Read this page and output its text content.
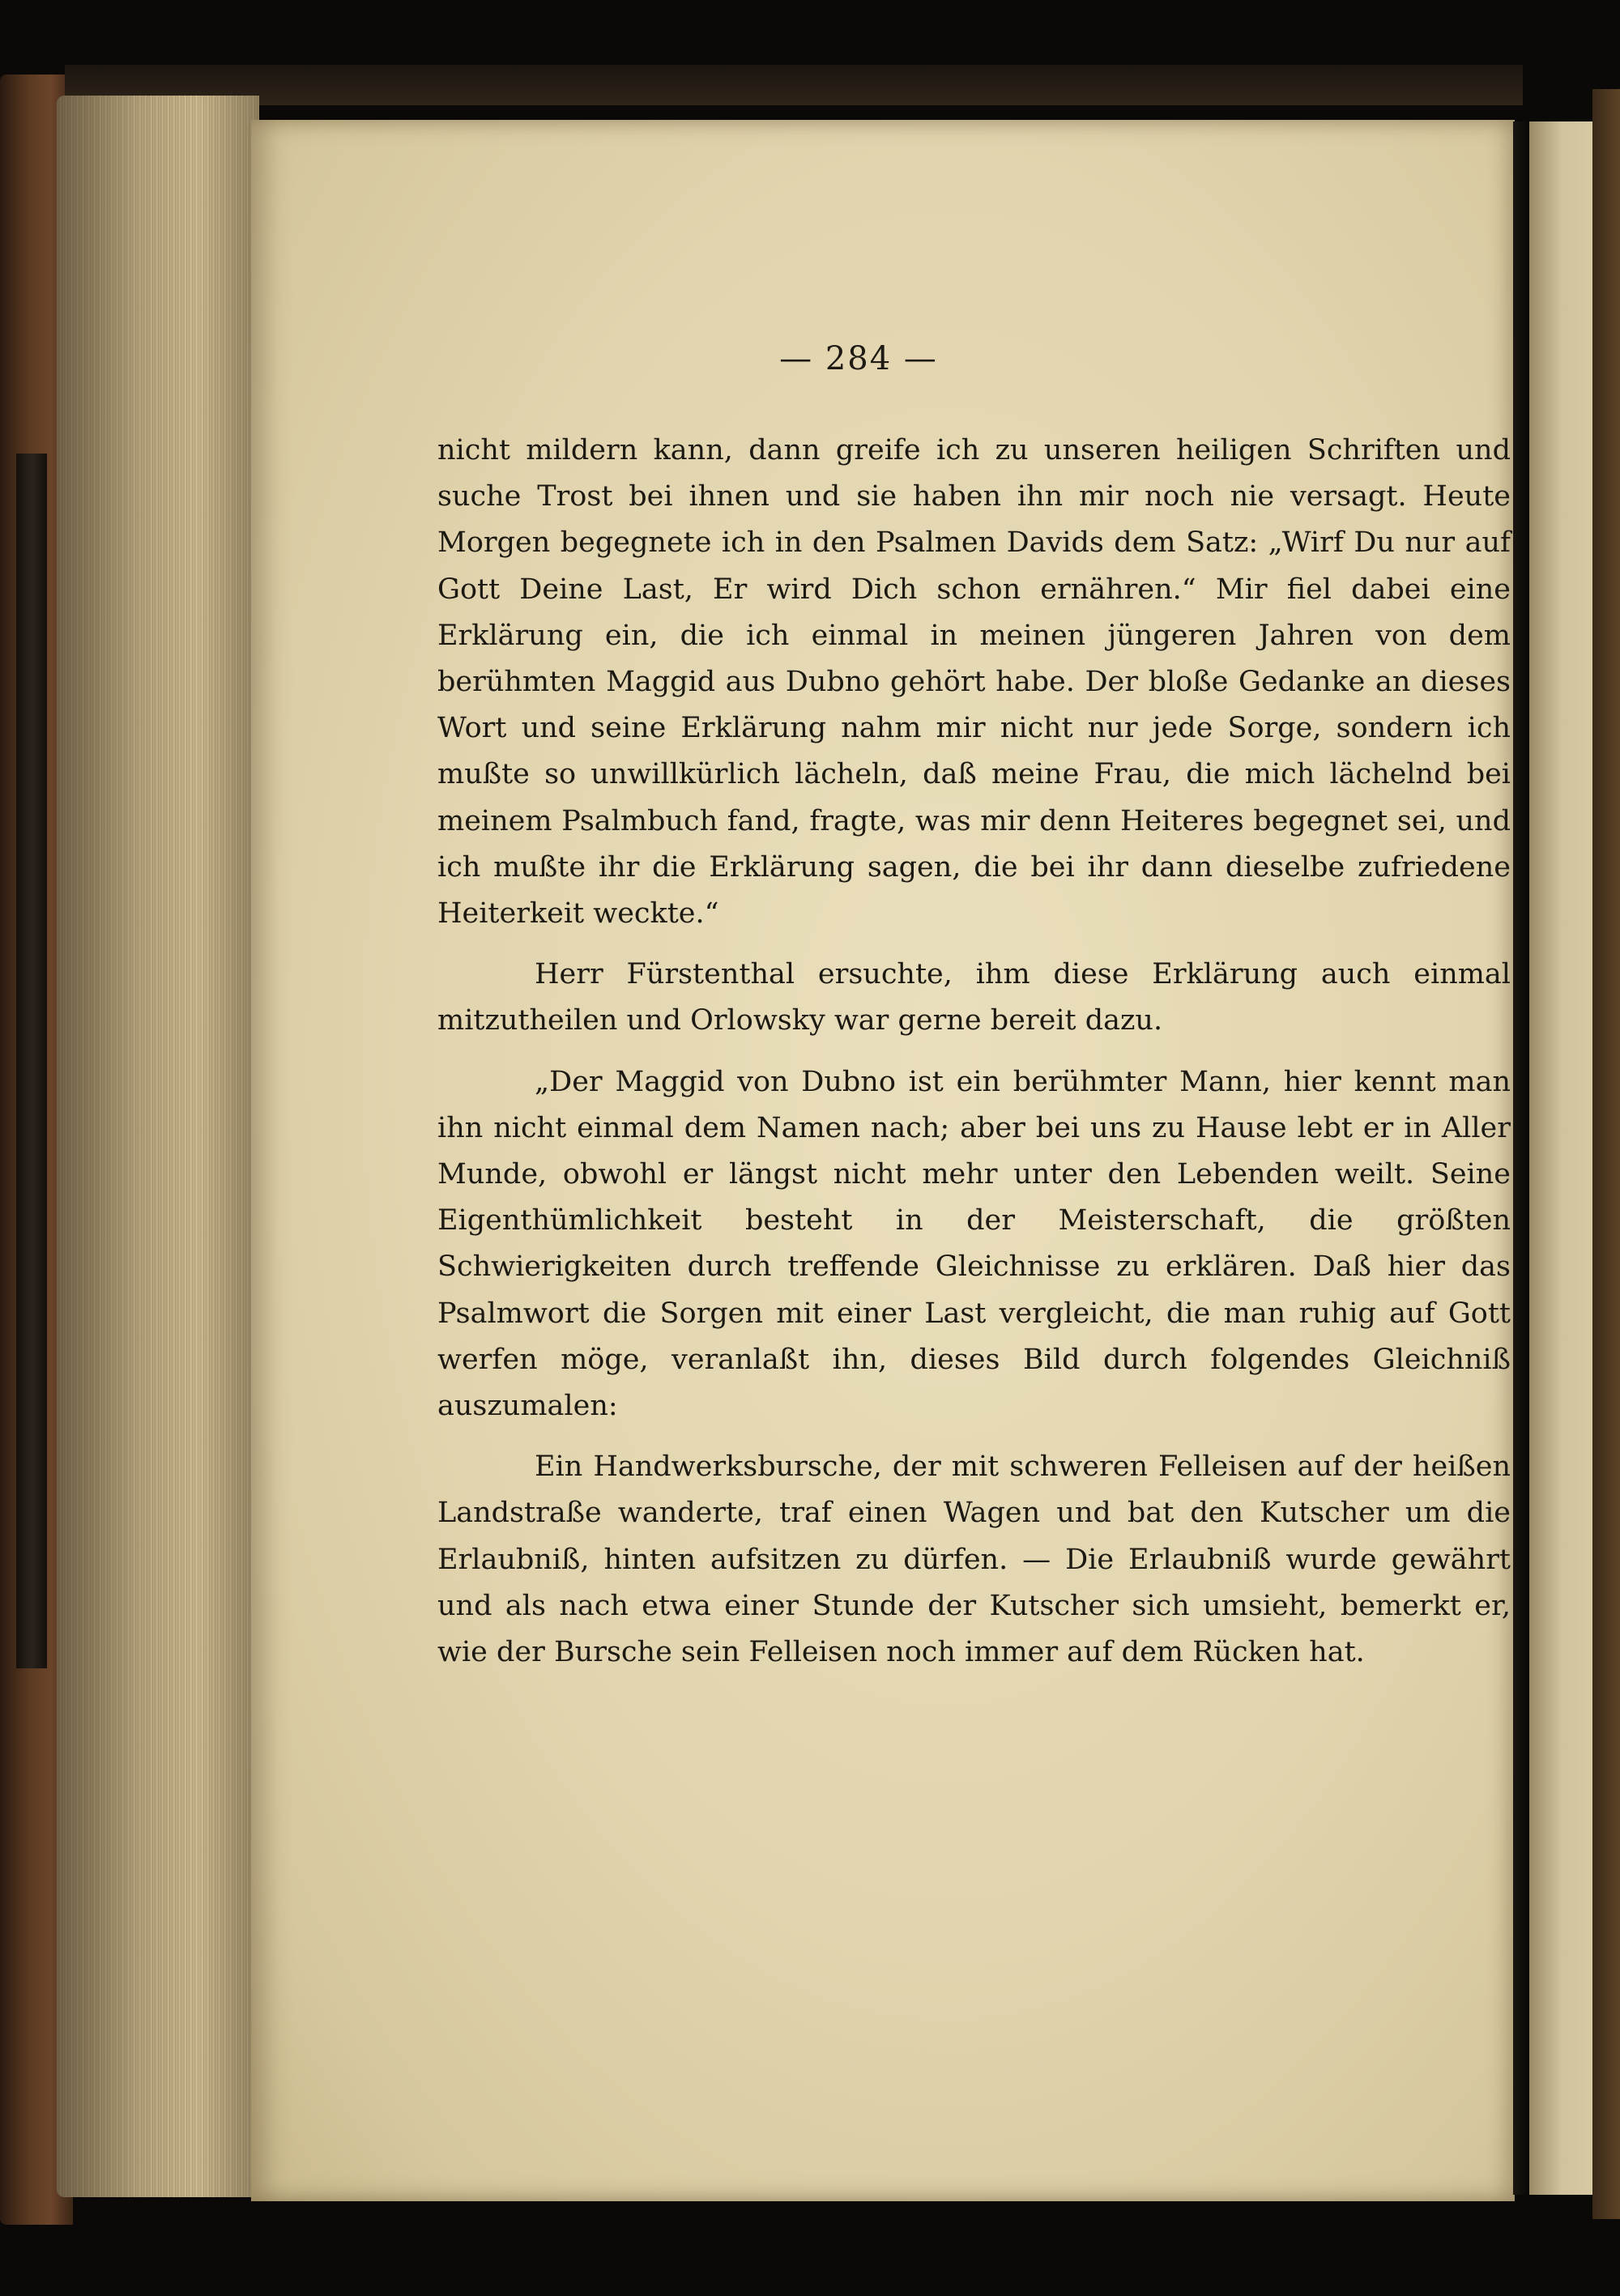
— 284 —

nicht mildern kann, dann greife ich zu unseren heiligen Schriften und suche Trost bei ihnen und sie haben ihn mir noch nie versagt. Heute Morgen begegnete ich in den Psalmen Davids dem Satz: „Wirf Du nur auf Gott Deine Last, Er wird Dich schon ernähren.“ Mir fiel dabei eine Erklärung ein, die ich einmal in meinen jüngeren Jahren von dem berühmten Maggid aus Dubno gehört habe. Der bloße Gedanke an dieses Wort und seine Erklärung nahm mir nicht nur jede Sorge, sondern ich mußte so unwillkürlich lächeln, daß meine Frau, die mich lächelnd bei meinem Psalmbuch fand, fragte, was mir denn Heiteres begegnet sei, und ich mußte ihr die Erklärung sagen, die bei ihr dann dieselbe zufriedene Heiterkeit weckte.“

Herr Fürstenthal ersuchte, ihm diese Erklärung auch einmal mitzutheilen und Orlowsky war gerne bereit dazu.

„Der Maggid von Dubno ist ein berühmter Mann, hier kennt man ihn nicht einmal dem Namen nach; aber bei uns zu Hause lebt er in Aller Munde, obwohl er längst nicht mehr unter den Lebenden weilt. Seine Eigenthümlichkeit besteht in der Meisterschaft, die größten Schwierigkeiten durch treffende Gleichnisse zu erklären. Daß hier das Psalmwort die Sorgen mit einer Last vergleicht, die man ruhig auf Gott werfen möge, veranlaßt ihn, dieses Bild durch folgendes Gleichniß auszumalen:

Ein Handwerksbursche, der mit schweren Felleisen auf der heißen Landstraße wanderte, traf einen Wagen und bat den Kutscher um die Erlaubniß, hinten aufsitzen zu dürfen. — Die Erlaubniß wurde gewährt und als nach etwa einer Stunde der Kutscher sich umsieht, bemerkt er, wie der Bursche sein Felleisen noch immer auf dem Rücken hat.
